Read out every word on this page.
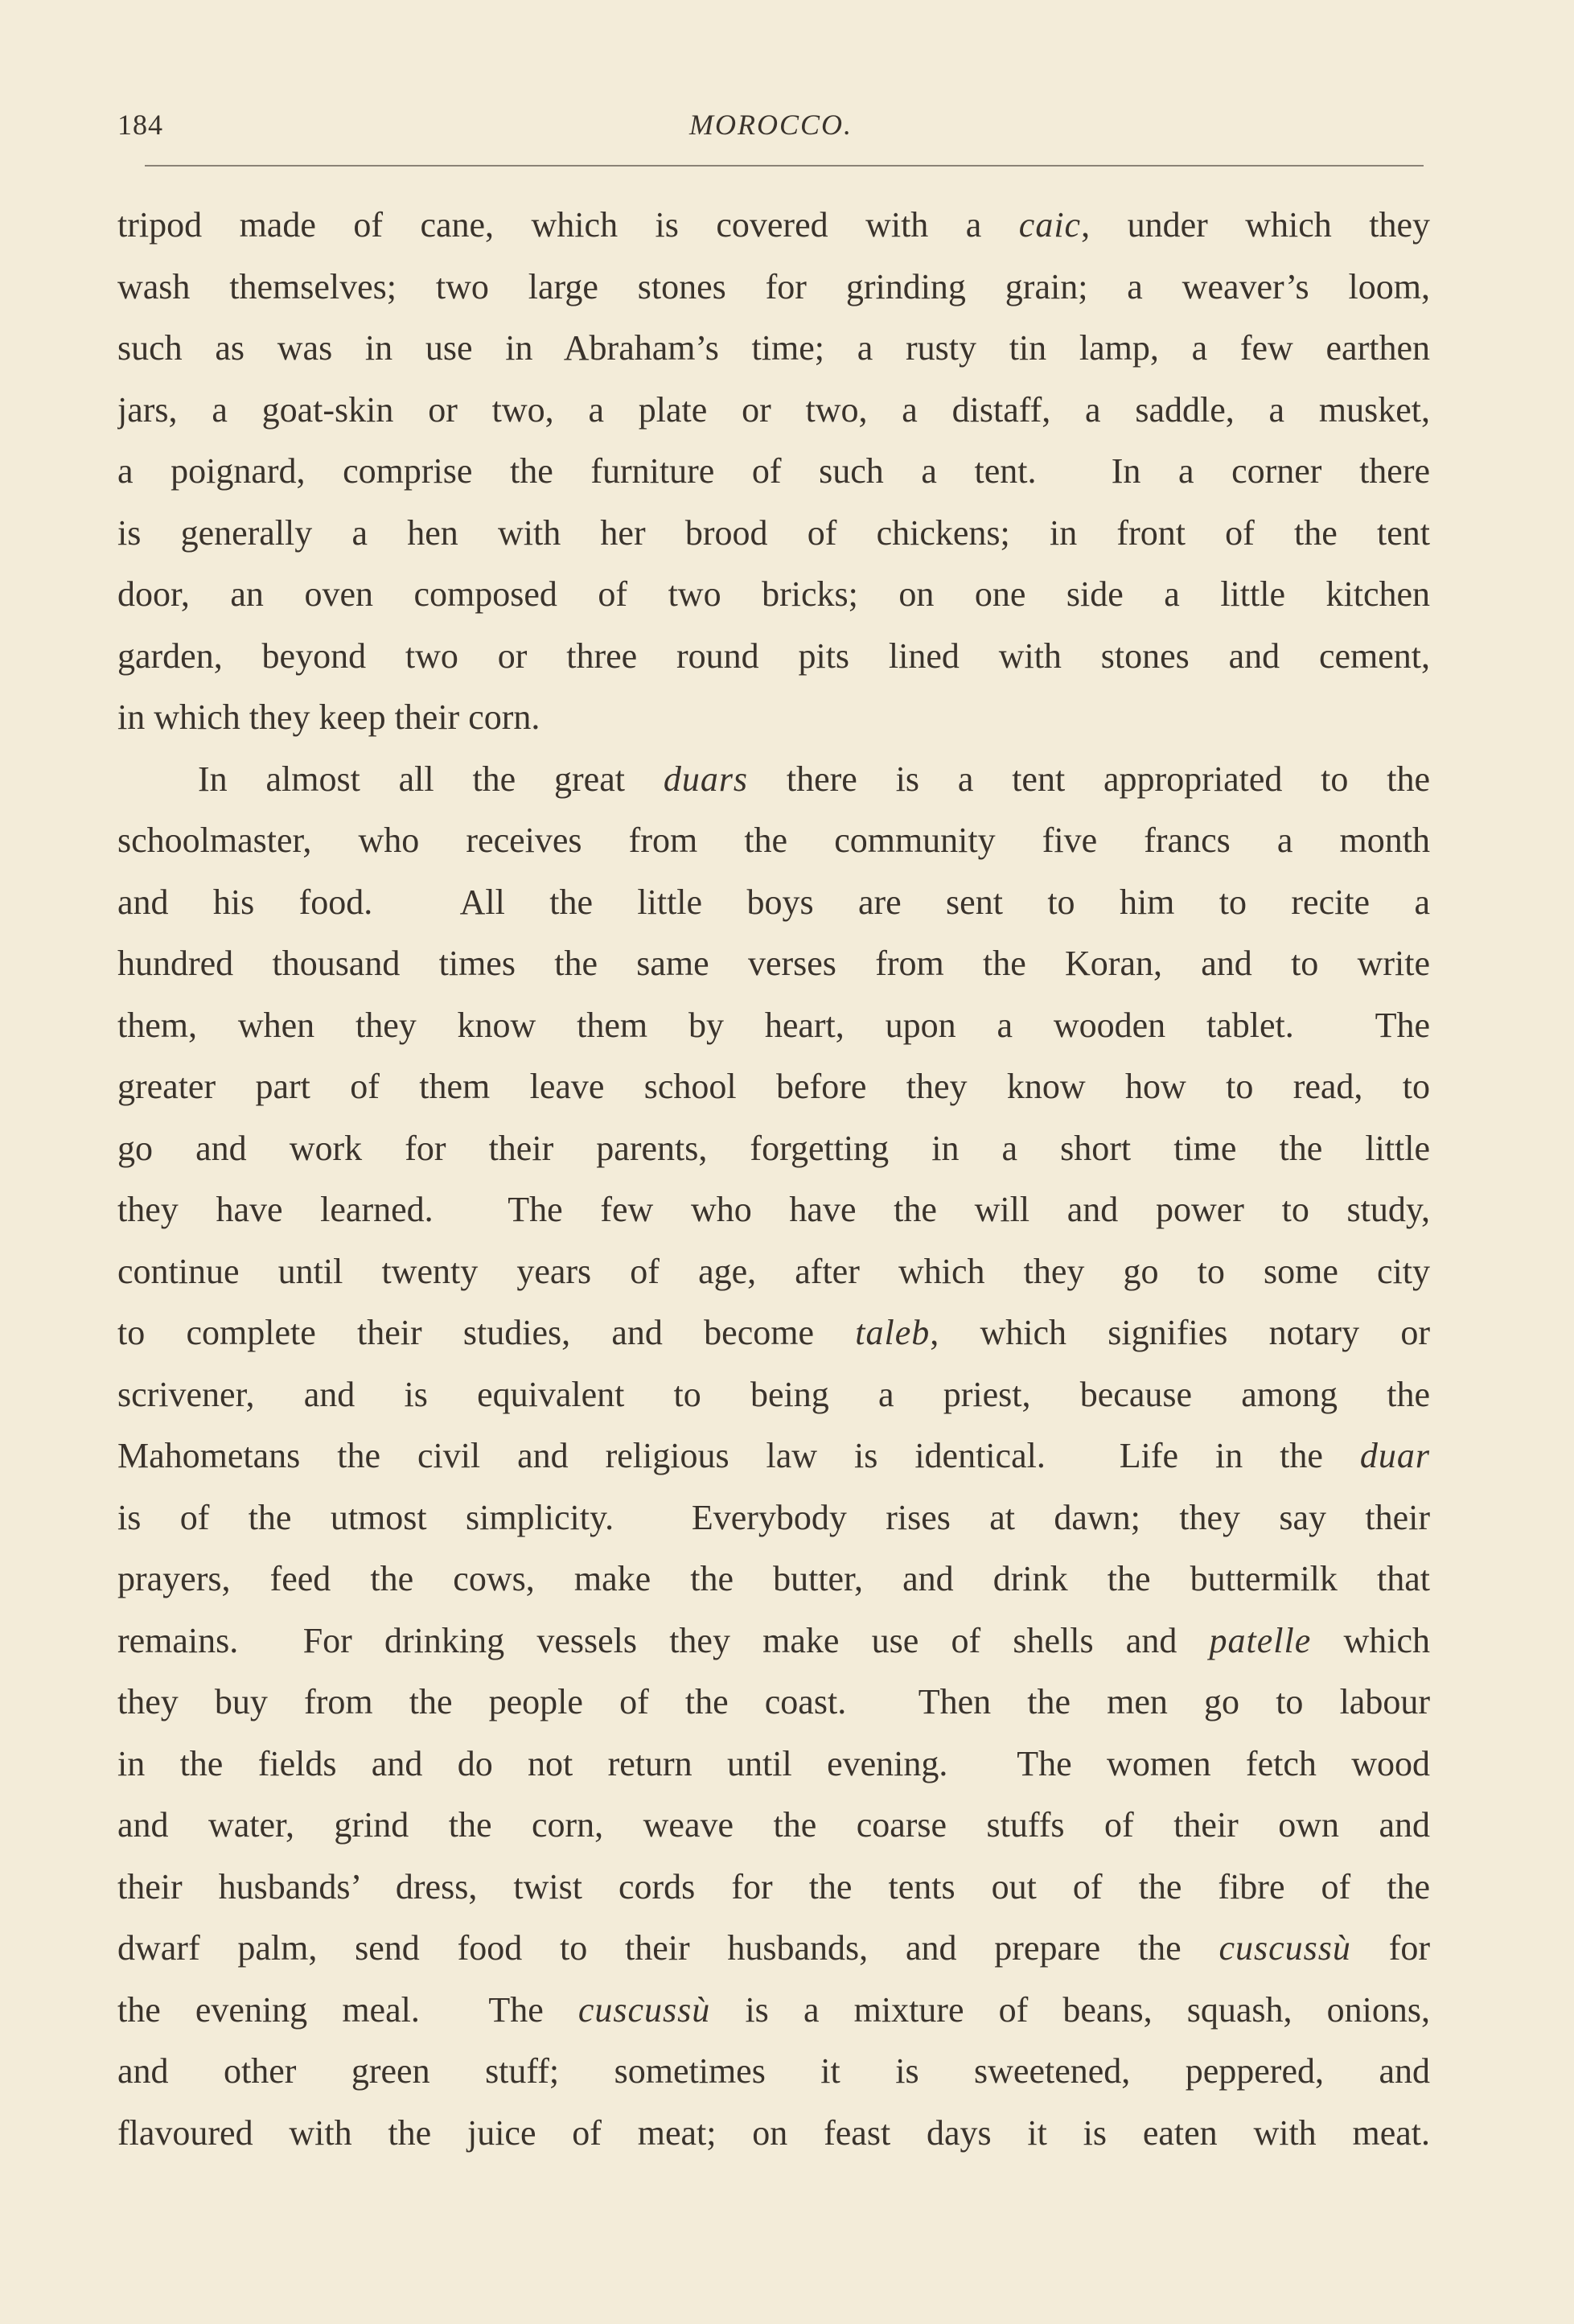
184	MOROCCO.
tripod made of cane, which is covered with a caic, under which they
wash themselves; two large stones for grinding grain; a weaver’s loom,
such as was in use in Abraham’s time; a rusty tin lamp, a few earthen
jars, a goat-skin or two, a plate or two, a distaff, a saddle, a musket,
a poignard, comprise the furniture of such a tent.  In a corner there
is generally a hen with her brood of chickens; in front of the tent
door, an oven composed of two bricks; on one side a little kitchen
garden, beyond two or three round pits lined with stones and cement,
in which they keep their corn.
In almost all the great duars there is a tent appropriated to the
schoolmaster, who receives from the community five francs a month
and his food.  All the little boys are sent to him to recite a
hundred thousand times the same verses from the Koran, and to write
them, when they know them by heart, upon a wooden tablet.  The
greater part of them leave school before they know how to read, to
go and work for their parents, forgetting in a short time the little
they have learned.  The few who have the will and power to study,
continue until twenty years of age, after which they go to some city
to complete their studies, and become taleb, which signifies notary or
scrivener, and is equivalent to being a priest, because among the
Mahometans the civil and religious law is identical.  Life in the duar
is of the utmost simplicity.  Everybody rises at dawn; they say their
prayers, feed the cows, make the butter, and drink the buttermilk that
remains.  For drinking vessels they make use of shells and patelle which
they buy from the people of the coast.  Then the men go to labour
in the fields and do not return until evening.  The women fetch wood
and water, grind the corn, weave the coarse stuffs of their own and
their husbands’ dress, twist cords for the tents out of the fibre of the
dwarf palm, send food to their husbands, and prepare the cuscussù for
the evening meal.  The cuscussù is a mixture of beans, squash, onions,
and other green stuff; sometimes it is sweetened, peppered, and
flavoured with the juice of meat; on feast days it is eaten with meat.
